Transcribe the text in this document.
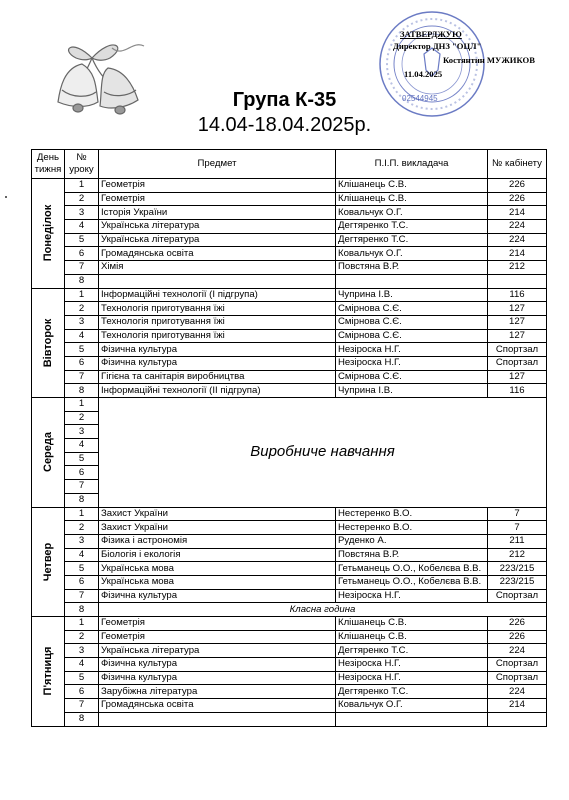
02544945
ЗАТВЕРДЖУЮ
Директор ДНЗ "ОЦЛ"
Костянтин МУЖИКОВ
11.04.2025
Група К-35
14.04-18.04.2025р.
День тижня	№ уроку	Предмет	П.І.П. викладача	№ кабінету

Понеділок	1	Геометрія	Клішанець С.В.	226
	2	Геометрія	Клішанець С.В.	226
	3	Історія України	Ковальчук О.Г.	214
	4	Українська література	Дегтяренко Т.С.	224
	5	Українська література	Дегтяренко Т.С.	224
	6	Громадянська освіта	Ковальчук О.Г.	214
	7	Хімія	Повстяна В.Р.	212
	8			

Вівторок	1	Інформаційні технології (І підгрупа)	Чуприна І.В.	116
	2	Технологія приготування їжі	Смірнова С.Є.	127
	3	Технологія приготування їжі	Смірнова С.Є.	127
	4	Технологія приготування їжі	Смірнова С.Є.	127
	5	Фізична культура	Незіроска Н.Г.	Спортзал
	6	Фізична культура	Незіроска Н.Г.	Спортзал
	7	Гігієна та санітарія виробництва	Смірнова С.Є.	127
	8	Інформаційні технології (ІІ підгрупа)	Чуприна І.В.	116

Середа	1	Виробниче навчання		
	2			
	3			
	4			
	5			
	6			
	7			
	8			

Четвер	1	Захист України	Нестеренко В.О.	7
	2	Захист України	Нестеренко В.О.	7
	3	Фізика і астрономія	Руденко А.	211
	4	Біологія і екологія	Повстяна В.Р.	212
	5	Українська мова	Гетьманець О.О., Кобелєва В.В.	223/215
	6	Українська мова	Гетьманець О.О., Кобелєва В.В.	223/215
	7	Фізична культура	Незіроска Н.Г.	Спортзал
	8	Класна година		

П'ятниця	1	Геометрія	Клішанець С.В.	226
	2	Геометрія	Клішанець С.В.	226
	3	Українська література	Дегтяренко Т.С.	224
	4	Фізична культура	Незіроска Н.Г.	Спортзал
	5	Фізична культура	Незіроска Н.Г.	Спортзал
	6	Зарубіжна література	Дегтяренко Т.С.	224
	7	Громадянська освіта	Ковальчук О.Г.	214
	8			
